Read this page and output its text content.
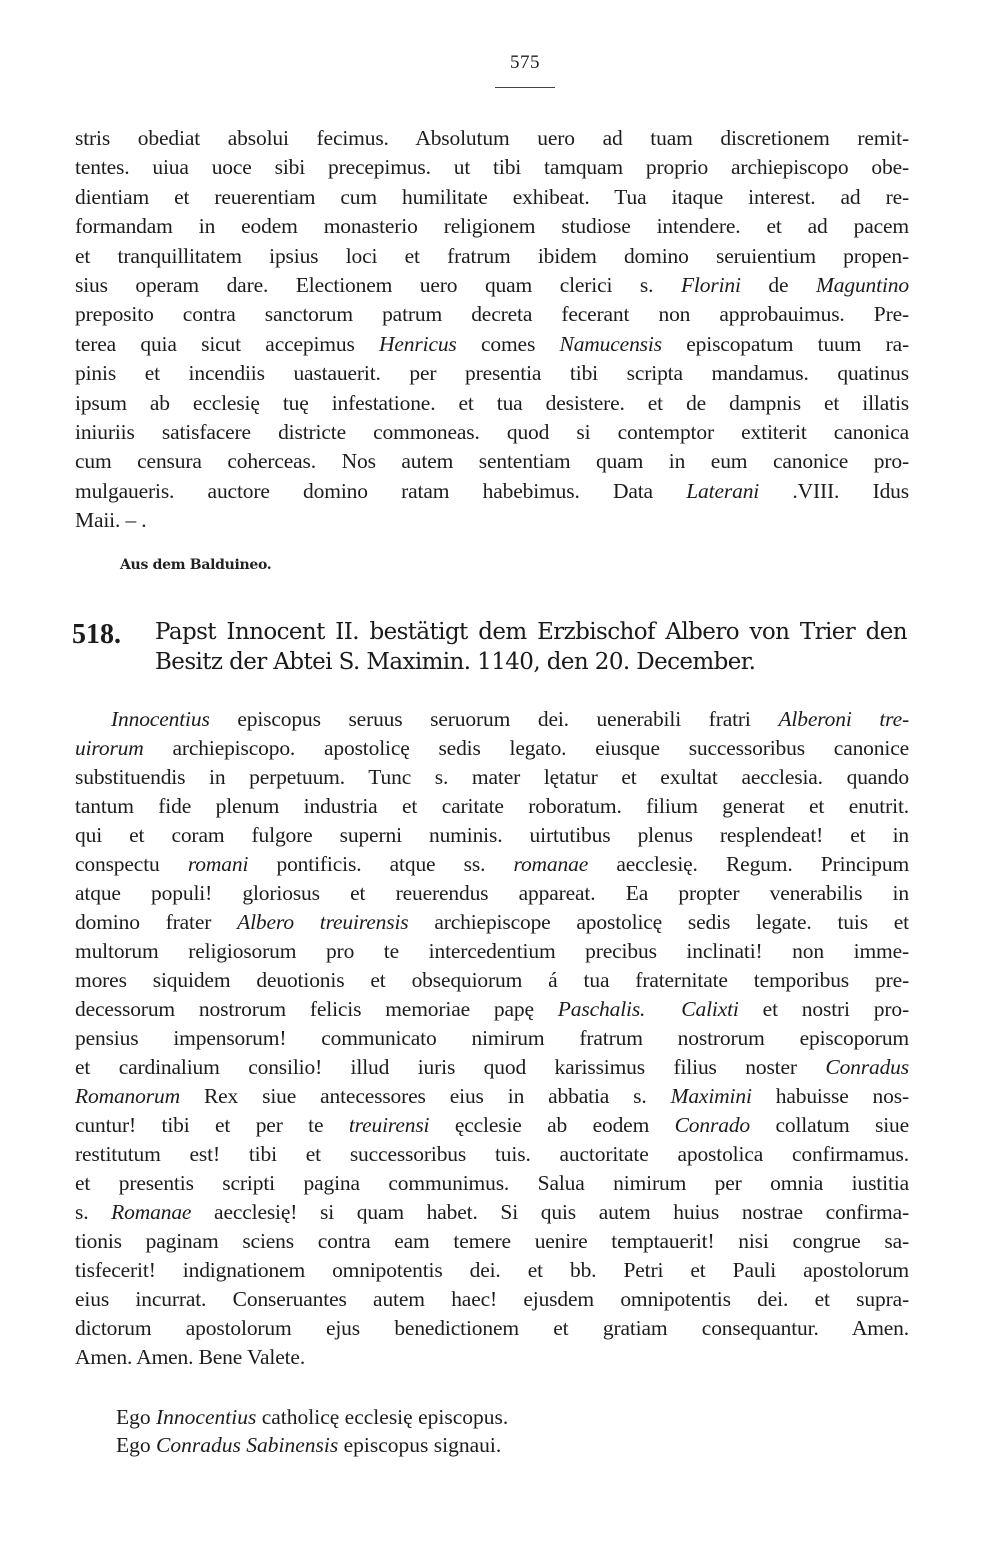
575
stris obediat absolui fecimus. Absolutum uero ad tuam discretionem remit-
tentes. uiua uoce sibi precepimus. ut tibi tamquam proprio archiepiscopo obe-
dientiam et reuerentiam cum humilitate exhibeat. Tua itaque interest. ad re-
formandam in eodem monasterio religionem studiose intendere. et ad pacem
et tranquillitatem ipsius loci et fratrum ibidem domino seruientium propen-
sius operam dare. Electionem uero quam clerici s. Florini de Maguntino
preposito contra sanctorum patrum decreta fecerant non approbauimus. Pre-
terea quia sicut accepimus Henricus comes Namucensis episcopatum tuum ra-
pinis et incendiis uastauerit. per presentia tibi scripta mandamus. quatinus
ipsum ab ecclesię tuę infestatione. et tua desistere. et de dampnis et illatis
iniuriis satisfacere districte commoneas. quod si contemptor extiterit canonica
cum censura coherceas. Nos autem sententiam quam in eum canonice pro-
mulgaueris. auctore domino ratam habebimus. Data Laterani .VIII. Idus
Maii. – .
Aus dem Balduineo.
518. Papst Innocent II. bestätigt dem Erzbischof Albero von Trier den
Besitz der Abtei S. Maximin. 1140, den 20. December.
Innocentius episcopus seruus seruorum dei. uenerabili fratri Alberoni tre-
uirorum archiepiscopo. apostolicę sedis legato. eiusque successoribus canonice
substituendis in perpetuum. Tunc s. mater lętatur et exultat aecclesia. quando
tantum fide plenum industria et caritate roboratum. filium generat et enutrit.
qui et coram fulgore superni numinis. uirtutibus plenus resplendeat! et in
conspectu romani pontificis. atque ss. romanae aecclesię. Regum. Principum
atque populi! gloriosus et reuerendus appareat. Ea propter venerabilis in
domino frater Albero treuirensis archiepiscope apostolicę sedis legate. tuis et
multorum religiosorum pro te intercedentium precibus inclinati! non imme-
mores siquidem deuotionis et obsequiorum á tua fraternitate temporibus pre-
decessorum nostrorum felicis memoriae papę Paschalis. Calixti et nostri pro-
pensius impensorum! communicato nimirum fratrum nostrorum episcoporum
et cardinalium consilio! illud iuris quod karissimus filius noster Conradus
Romanorum Rex siue antecessores eius in abbatia s. Maximini habuisse nos-
cuntur! tibi et per te treuirensi ęcclesie ab eodem Conrado collatum siue
restitutum est! tibi et successoribus tuis. auctoritate apostolica confirmamus.
et presentis scripti pagina communimus. Salua nimirum per omnia iustitia
s. Romanae aecclesię! si quam habet. Si quis autem huius nostrae confirma-
tionis paginam sciens contra eam temere uenire temptauerit! nisi congrue sa-
tisfecerit! indignationem omnipotentis dei. et bb. Petri et Pauli apostolorum
eius incurrat. Conseruantes autem haec! ejusdem omnipotentis dei. et supra-
dictorum apostolorum ejus benedictionem et gratiam consequantur. Amen.
Amen. Amen. Bene Valete.
Ego Innocentius catholicę ecclesię episcopus.
Ego Conradus Sabinensis episcopus signaui.
